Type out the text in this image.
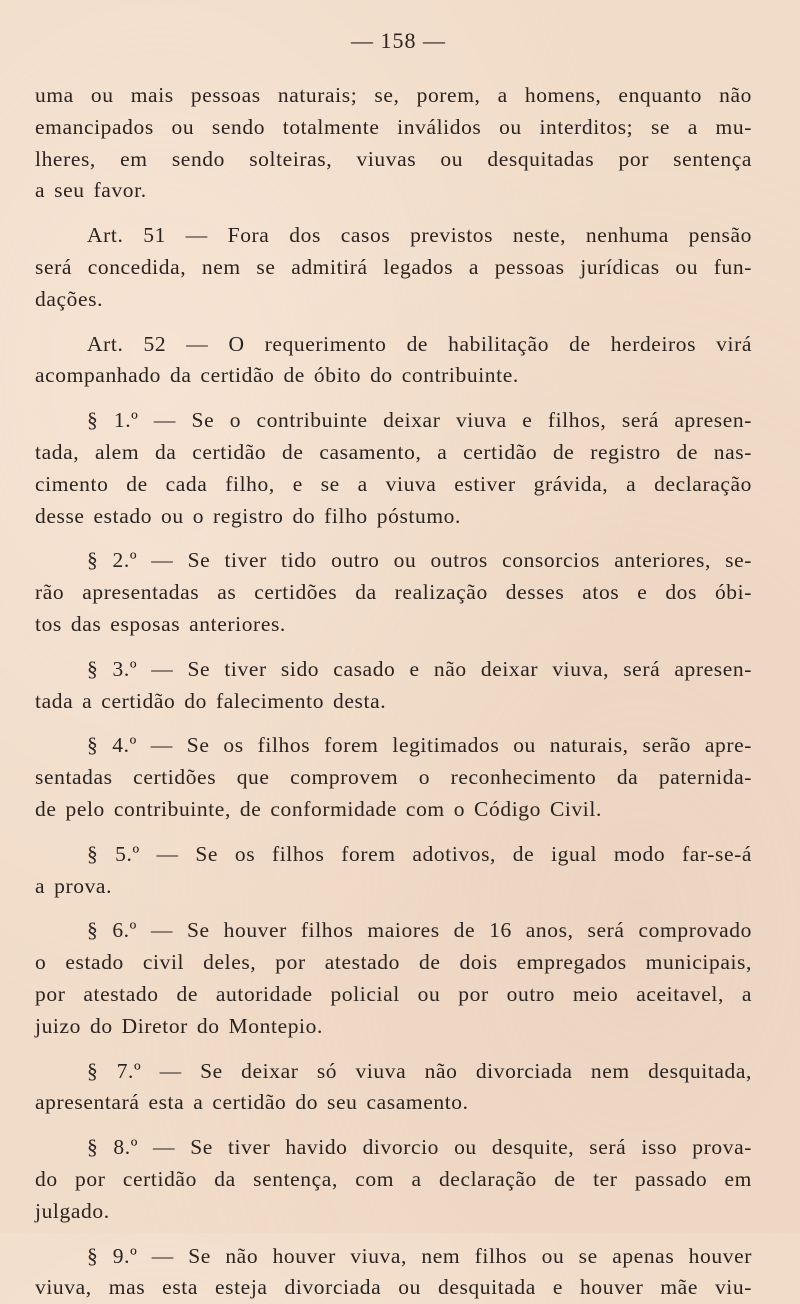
— 158 —

uma ou mais pessoas naturais; se, porem, a homens, enquanto não
emancipados ou sendo totalmente inválidos ou interditos; se a mu-
lheres, em sendo solteiras, viuvas ou desquitadas por sentença
a seu favor.

Art. 51 — Fora dos casos previstos neste, nenhuma pensão
será concedida, nem se admitirá legados a pessoas jurídicas ou fun-
dações.

Art. 52 — O requerimento de habilitação de herdeiros virá
acompanhado da certidão de óbito do contribuinte.

§ 1.º — Se o contribuinte deixar viuva e filhos, será apresen-
tada, alem da certidão de casamento, a certidão de registro de nas-
cimento de cada filho, e se a viuva estiver grávida, a declaração
desse estado ou o registro do filho póstumo.

§ 2.º — Se tiver tido outro ou outros consorcios anteriores, se-
rão apresentadas as certidões da realização desses atos e dos óbi-
tos das esposas anteriores.

§ 3.º — Se tiver sido casado e não deixar viuva, será apresen-
tada a certidão do falecimento desta.

§ 4.º — Se os filhos forem legitimados ou naturais, serão apre-
sentadas certidões que comprovem o reconhecimento da paternida-
de pelo contribuinte, de conformidade com o Código Civil.

§ 5.º — Se os filhos forem adotivos, de igual modo far-se-á
a prova.

§ 6.º — Se houver filhos maiores de 16 anos, será comprovado
o estado civil deles, por atestado de dois empregados municipais,
por atestado de autoridade policial ou por outro meio aceitavel, a
juizo do Diretor do Montepio.

§ 7.º — Se deixar só viuva não divorciada nem desquitada,
apresentará esta a certidão do seu casamento.

§ 8.º — Se tiver havido divorcio ou desquite, será isso prova-
do por certidão da sentença, com a declaração de ter passado em
julgado.

§ 9.º — Se não houver viuva, nem filhos ou se apenas houver
viuva, mas esta esteja divorciada ou desquitada e houver mãe viu-
